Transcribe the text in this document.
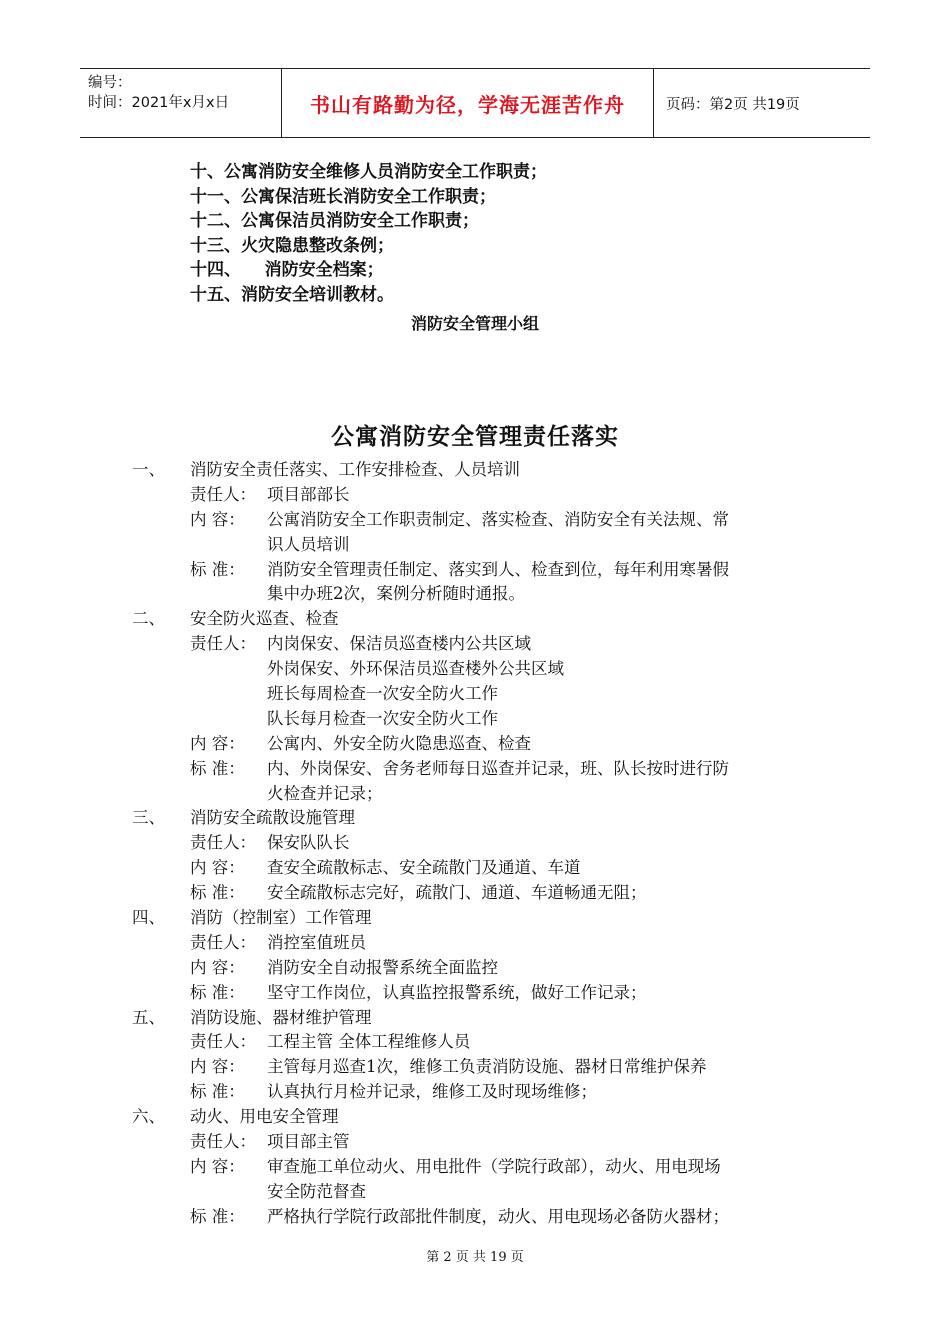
编号：
时间：2021年x月x日	书山有路勤为径，学海无涯苦作舟	页码：第2页 共19页
十、公寓消防安全维修人员消防安全工作职责；
十一、公寓保洁班长消防安全工作职责；
十二、公寓保洁员消防安全工作职责；
十三、火灾隐患整改条例；
十四、    消防安全档案；
十五、消防安全培训教材。
消防安全管理小组
公寓消防安全管理责任落实
一、 消防安全责任落实、工作安排检查、人员培训
责任人： 项目部部长
内 容： 公寓消防安全工作职责制定、落实检查、消防安全有关法规、常
识人员培训
标 准： 消防安全管理责任制定、落实到人、检查到位，每年利用寒暑假
集中办班2次，案例分析随时通报。
二、 安全防火巡查、检查
责任人： 内岗保安、保洁员巡查楼内公共区域
外岗保安、外环保洁员巡查楼外公共区域
班长每周检查一次安全防火工作
队长每月检查一次安全防火工作
内 容： 公寓内、外安全防火隐患巡查、检查
标 准： 内、外岗保安、舍务老师每日巡查并记录，班、队长按时进行防
火检查并记录；
三、 消防安全疏散设施管理
责任人： 保安队队长
内 容： 查安全疏散标志、安全疏散门及通道、车道
标 准： 安全疏散标志完好，疏散门、通道、车道畅通无阻；
四、 消防（控制室）工作管理
责任人： 消控室值班员
内 容： 消防安全自动报警系统全面监控
标 准： 坚守工作岗位，认真监控报警系统，做好工作记录；
五、 消防设施、器材维护管理
责任人： 工程主管 全体工程维修人员
内 容： 主管每月巡查1次，维修工负责消防设施、器材日常维护保养
标 准： 认真执行月检并记录，维修工及时现场维修；
六、 动火、用电安全管理
责任人： 项目部主管
内 容： 审查施工单位动火、用电批件（学院行政部），动火、用电现场
安全防范督查
标 准： 严格执行学院行政部批件制度，动火、用电现场必备防火器材；
第 2 页 共 19 页
